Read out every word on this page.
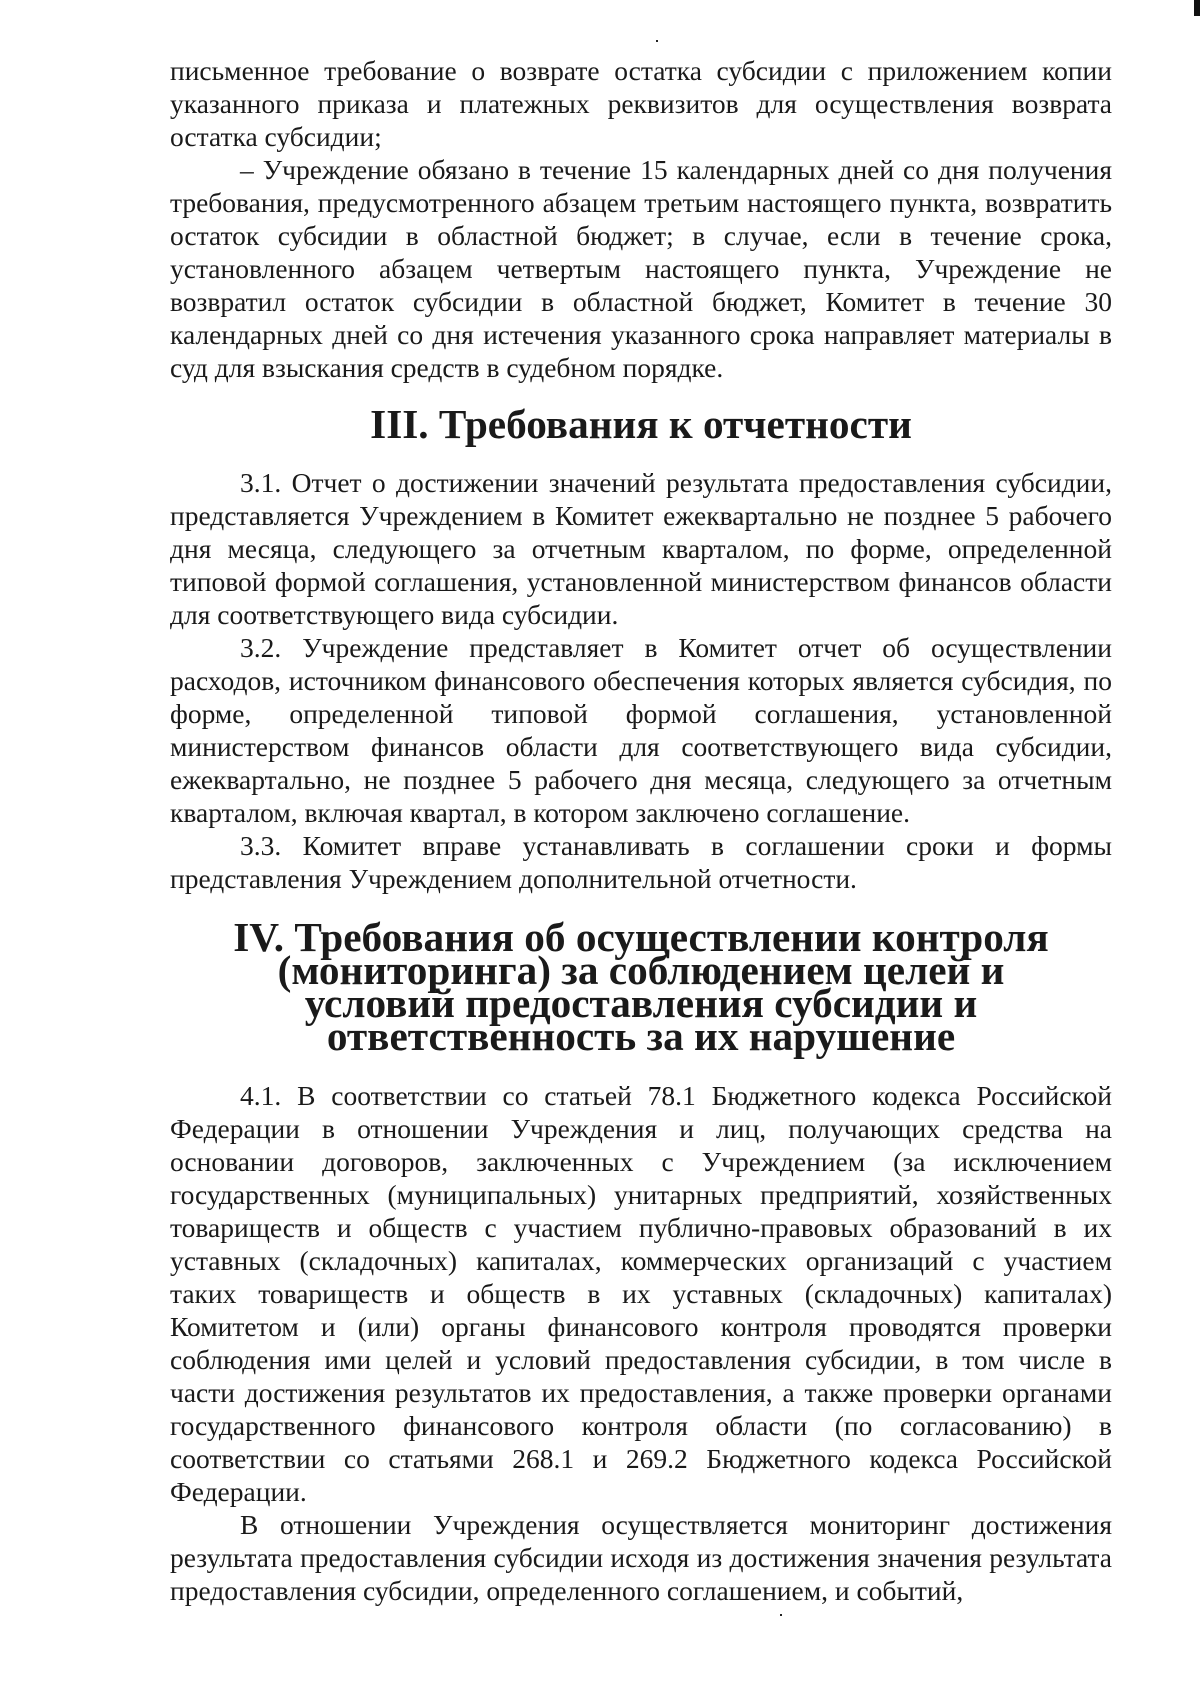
письменное требование о возврате остатка субсидии с приложением копии указанного приказа и платежных реквизитов для осуществления возврата остатка субсидии;

– Учреждение обязано в течение 15 календарных дней со дня получения требования, предусмотренного абзацем третьим настоящего пункта, возвратить остаток субсидии в областной бюджет; в случае, если в течение срока, установленного абзацем четвертым настоящего пункта, Учреждение не возвратил остаток субсидии в областной бюджет, Комитет в течение 30 календарных дней со дня истечения указанного срока направляет материалы в суд для взыскания средств в судебном порядке.

III. Требования к отчетности

3.1. Отчет о достижении значений результата предоставления субсидии, представляется Учреждением в Комитет ежеквартально не позднее 5 рабочего дня месяца, следующего за отчетным кварталом, по форме, определенной типовой формой соглашения, установленной министерством финансов области для соответствующего вида субсидии.

3.2. Учреждение представляет в Комитет отчет об осуществлении расходов, источником финансового обеспечения которых является субсидия, по форме, определенной типовой формой соглашения, установленной министерством финансов области для соответствующего вида субсидии, ежеквартально, не позднее 5 рабочего дня месяца, следующего за отчетным кварталом, включая квартал, в котором заключено соглашение.

3.3. Комитет вправе устанавливать в соглашении сроки и формы представления Учреждением дополнительной отчетности.

IV. Требования об осуществлении контроля (мониторинга) за соблюдением целей и условий предоставления субсидии и ответственность за их нарушение

4.1. В соответствии со статьей 78.1 Бюджетного кодекса Российской Федерации в отношении Учреждения и лиц, получающих средства на основании договоров, заключенных с Учреждением (за исключением государственных (муниципальных) унитарных предприятий, хозяйственных товариществ и обществ с участием публично-правовых образований в их уставных (складочных) капиталах, коммерческих организаций с участием таких товариществ и обществ в их уставных (складочных) капиталах) Комитетом и (или) органы финансового контроля проводятся проверки соблюдения ими целей и условий предоставления субсидии, в том числе в части достижения результатов их предоставления, а также проверки органами государственного финансового контроля области (по согласованию) в соответствии со статьями 268.1 и 269.2 Бюджетного кодекса Российской Федерации.

В отношении Учреждения осуществляется мониторинг достижения результата предоставления субсидии исходя из достижения значения результата предоставления субсидии, определенного соглашением, и событий,
